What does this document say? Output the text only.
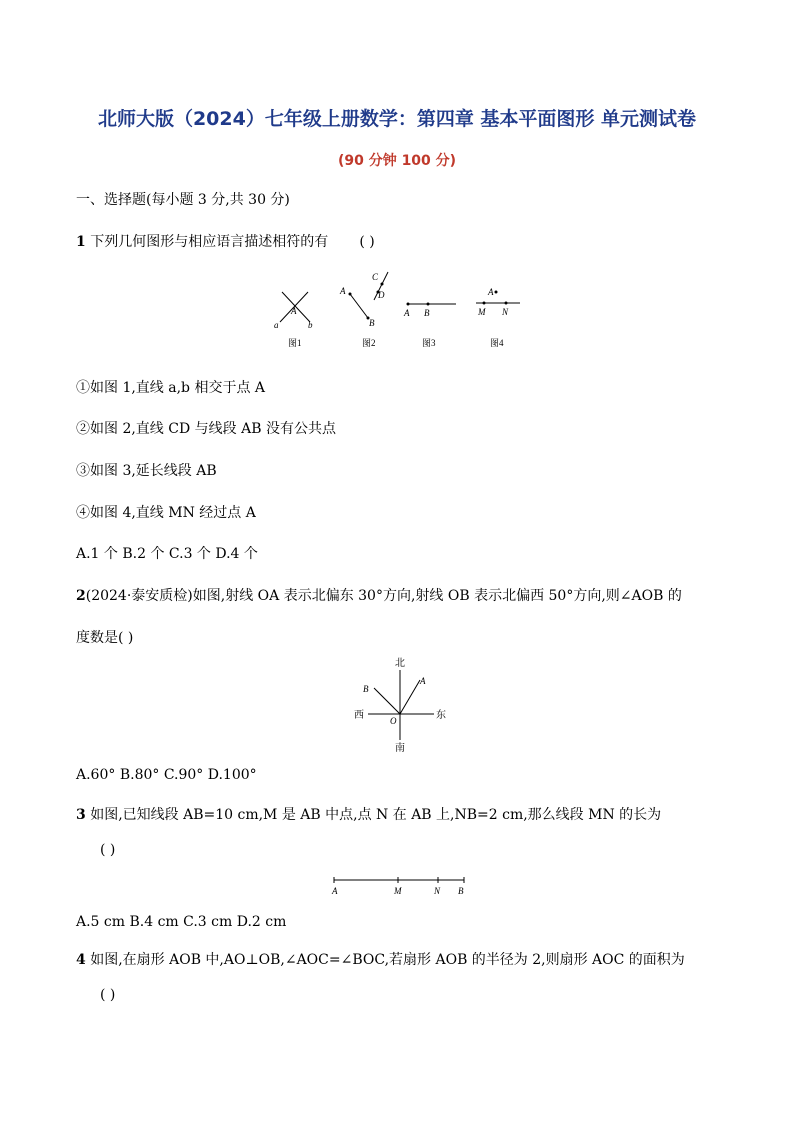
北师大版（2024）七年级上册数学：第四章 基本平面图形 单元测试卷
(90 分钟 100 分)
一、选择题(每小题 3 分,共 30 分)
1 下列几何图形与相应语言描述相符的有 ( )
a	b
A
图1
A
B
C
D
图2
A B
图3
A
M N
图4
①如图 1,直线 a,b 相交于点 A
②如图 2,直线 CD 与线段 AB 没有公共点
③如图 3,延长线段 AB
④如图 4,直线 MN 经过点 A
A.1 个 B.2 个 C.3 个 D.4 个
2(2024·泰安质检)如图,射线 OA 表示北偏东 30°方向,射线 OB 表示北偏西 50°方向,则∠AOB 的
度数是( )
北
南
西	东
A
B
O
A.60° B.80° C.90° D.100°
3 如图,已知线段 AB=10 cm,M 是 AB 中点,点 N 在 AB 上,NB=2 cm,那么线段 MN 的长为
( )
A	M	N B
A.5 cm B.4 cm C.3 cm D.2 cm
4 如图,在扇形 AOB 中,AO⊥OB,∠AOC=∠BOC,若扇形 AOB 的半径为 2,则扇形 AOC 的面积为
( )
